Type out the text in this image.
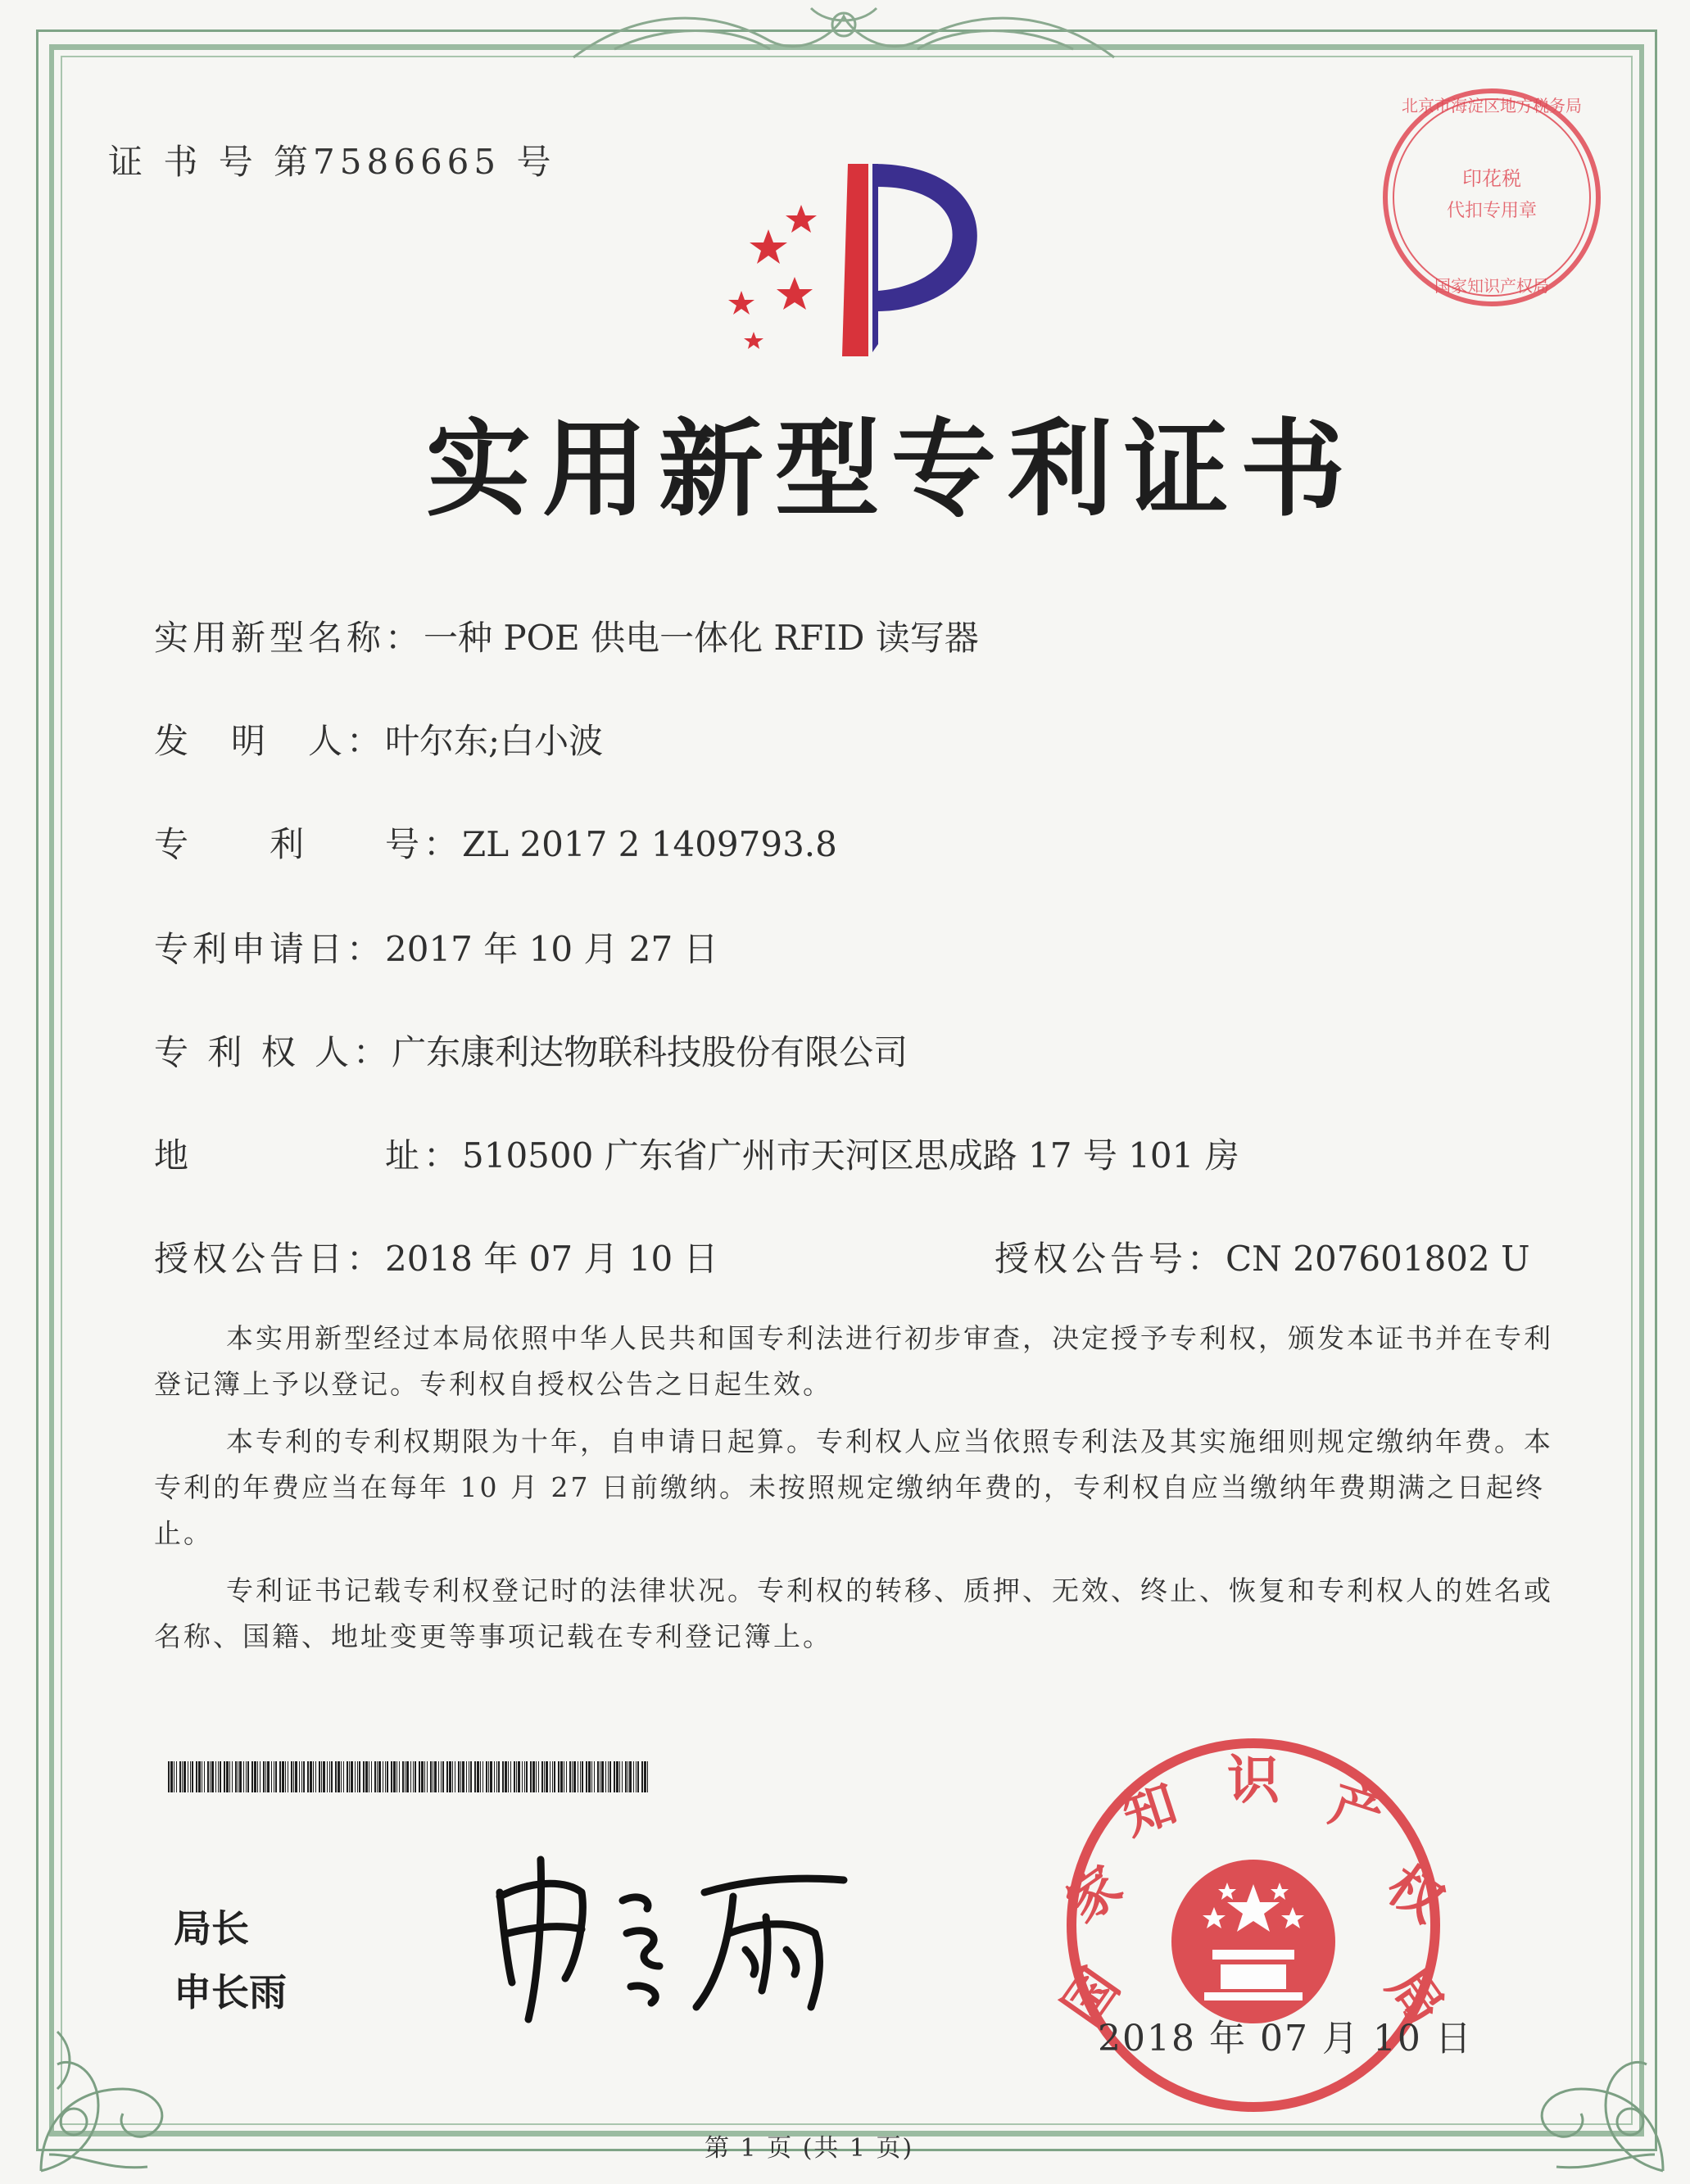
证 书 号 第7586665 号
北京市海淀区地方税务局
印花税
代扣专用章
国家知识产权局
实用新型专利证书
实用新型名称：一种 POE 供电一体化 RFID 读写器
发　明　人：叶尔东;白小波
专　　利　　号：ZL 2017 2 1409793.8
专利申请日：2017 年 10 月 27 日
专 利 权 人：广东康利达物联科技股份有限公司
地　　　　　址：510500 广东省广州市天河区思成路 17 号 101 房
授权公告日：2018 年 07 月 10 日	授权公告号：CN 207601802 U
本实用新型经过本局依照中华人民共和国专利法进行初步审查，决定授予专利权，颁发本证书并在专利登记簿上予以登记。专利权自授权公告之日起生效。
本专利的专利权期限为十年，自申请日起算。专利权人应当依照专利法及其实施细则规定缴纳年费。本专利的年费应当在每年 10 月 27 日前缴纳。未按照规定缴纳年费的，专利权自应当缴纳年费期满之日起终止。
专利证书记载专利权登记时的法律状况。专利权的转移、质押、无效、终止、恢复和专利权人的姓名或名称、国籍、地址变更等事项记载在专利登记簿上。
局长
申长雨	国
家
知 识 产
权
局
2018 年 07 月 10 日
第 1 页 (共 1 页)
